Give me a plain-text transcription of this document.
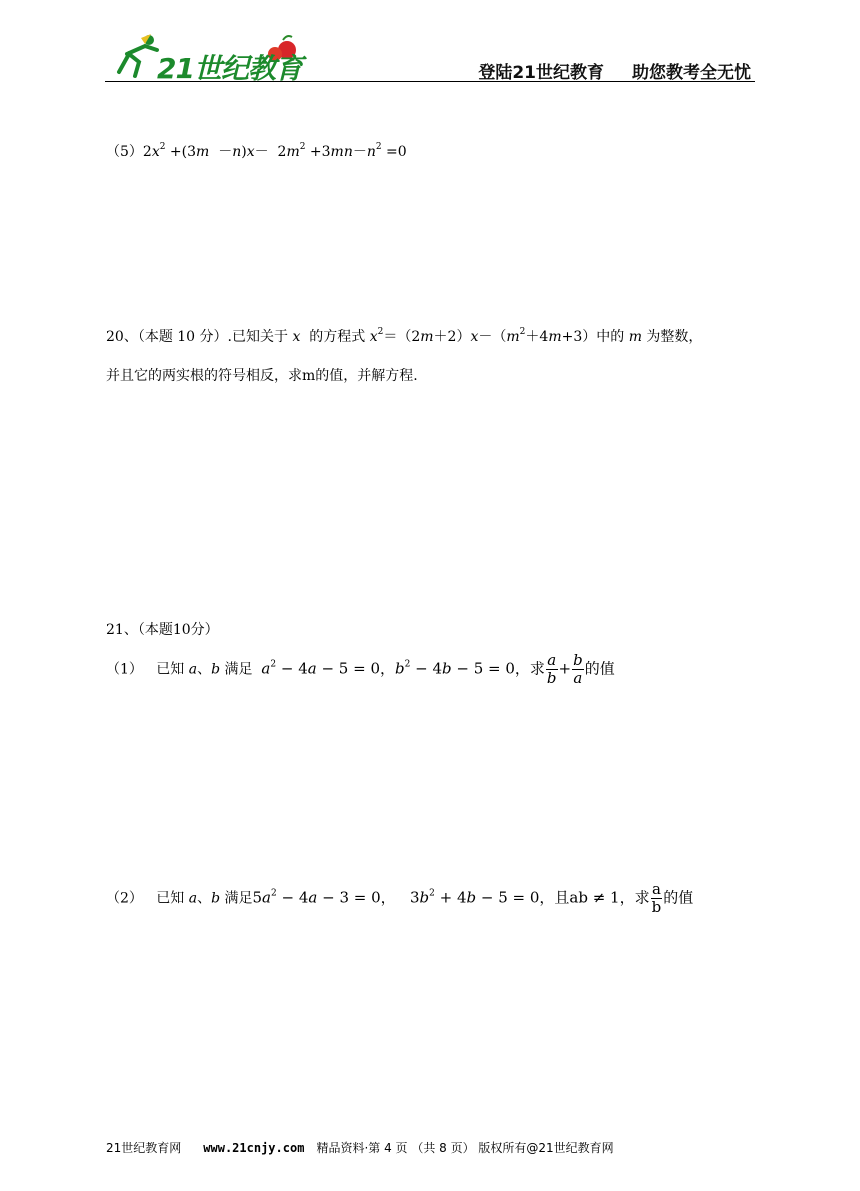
21世纪教育	登陆21世纪教育 助您教考全无忧
$(5)2x^2 +(3m -n)x- 2m^2 +3mn-n^2 =0$
20、（本题 10 分）.已知关于 x  的方程式 $x^2=(2m+2)x-(m^2+4m+3)$中的 m 为整数，
并且它的两实根的符号相反，求m的值，并解方程.
21、（本题10分）
（1）   已知 a、b 满足  $a^2 - 4a - 5 = 0$，$b^2 - 4b - 5 = 0$，求 $\frac{a}{b} + \frac{b}{a}$ 的值
（2）   已知 a、b 满足$5a^2 - 4a - 3 = 0$，   $3b^2 + 4b - 5 = 0$，且ab ≠ 1，求 $\frac{a}{b}$ 的值
21世纪教育网 www.21cnjy.com 精品资料·第 4 页 （共 8 页） 版权所有@21世纪教育网
